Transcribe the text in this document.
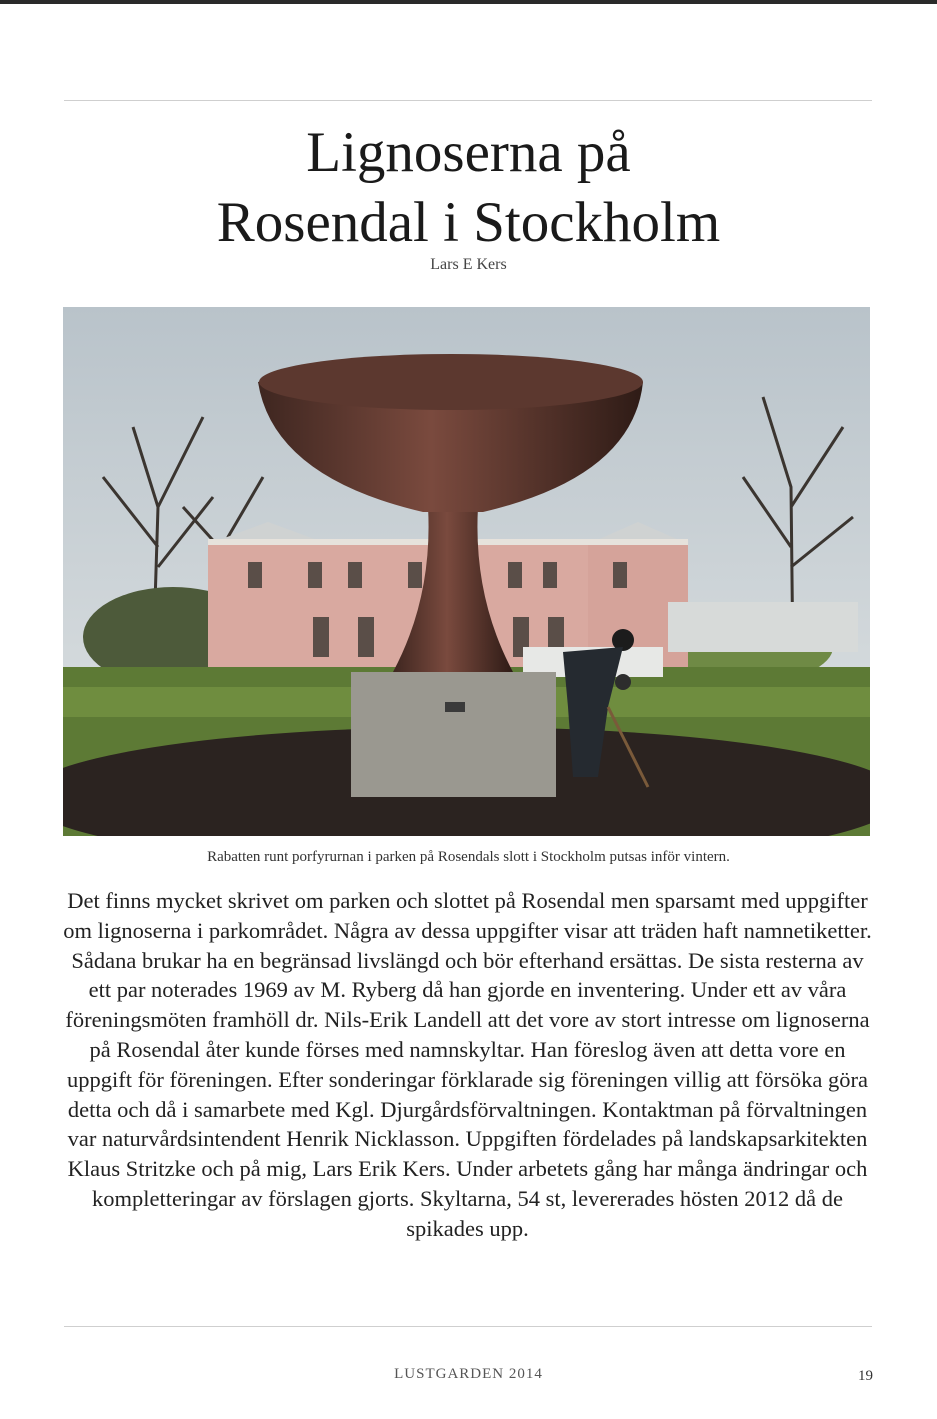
Lignoserna på
Rosendal i Stockholm
Lars E Kers
Rabatten runt porfyrurnan i parken på Rosendals slott i Stockholm putsas inför vintern.

Det finns mycket skrivet om parken och slottet på Rosendal men sparsamt med uppgifter om lignoserna i parkområdet. Några av dessa uppgifter visar att träden haft namnetiketter. Sådana brukar ha en begränsad livslängd och bör efterhand ersättas. De sista resterna av ett par noterades 1969 av M. Ryberg då han gjorde en inventering. Under ett av våra föreningsmöten framhöll dr. Nils-Erik Landell att det vore av stort intresse om lignoserna på Rosendal åter kunde förses med namnskyltar. Han föreslog även att detta vore en uppgift för föreningen. Efter sonderingar förklarade sig föreningen villig att försöka göra detta och då i samarbete med Kgl. Djurgårdsförvaltningen. Kontaktman på förvaltningen var naturvårdsintendent Henrik Nicklasson. Uppgiften fördelades på landskapsarkitekten Klaus Stritzke och på mig, Lars Erik Kers. Under arbetets gång har många ändringar och kompletteringar av förslagen gjorts. Skyltarna, 54 st, levererades hösten 2012 då de spikades upp.

LUSTGARDEN 2014	19
